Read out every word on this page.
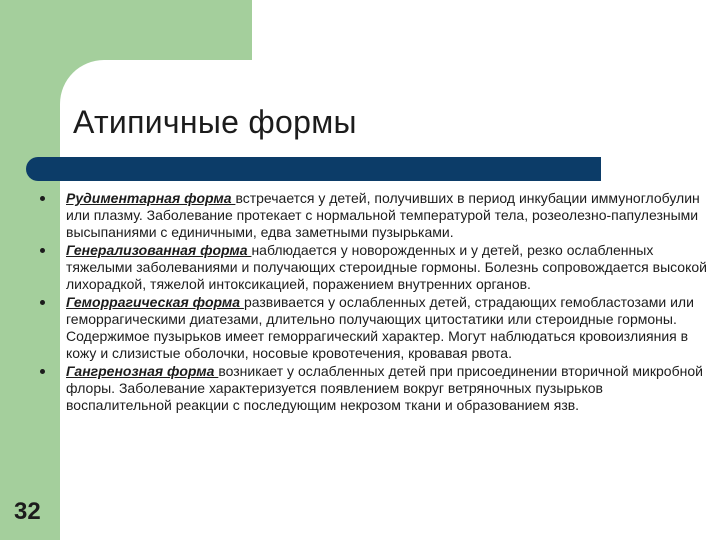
Атипичные формы
Рудиментарная форма встречается у детей, получивших в период инкубации иммуноглобулин или плазму. Заболевание протекает с нормальной температурой тела, розеолезно-папулезными высыпаниями с единичными, едва заметными пузырьками.
Генерализованная форма наблюдается у новорожденных и у детей, резко ослабленных тяжелыми заболеваниями и получающих стероидные гормоны. Болезнь сопровождается высокой лихорадкой, тяжелой интоксикацией, поражением внутренних органов.
Геморрагическая форма развивается у ослабленных детей, страдающих гемобластозами или геморрагическими диатезами, длительно получающих цитостатики или стероидные гормоны. Содержимое пузырьков имеет геморрагический характер. Могут наблюдаться кровоизлияния в кожу и слизистые оболочки, носовые кровотечения, кровавая рвота.
Гангренозная форма возникает у ослабленных детей при присоединении вторичной микробной флоры. Заболевание характеризуется появлением вокруг ветряночных пузырьков воспалительной реакции с последующим некрозом ткани и образованием язв.
32
